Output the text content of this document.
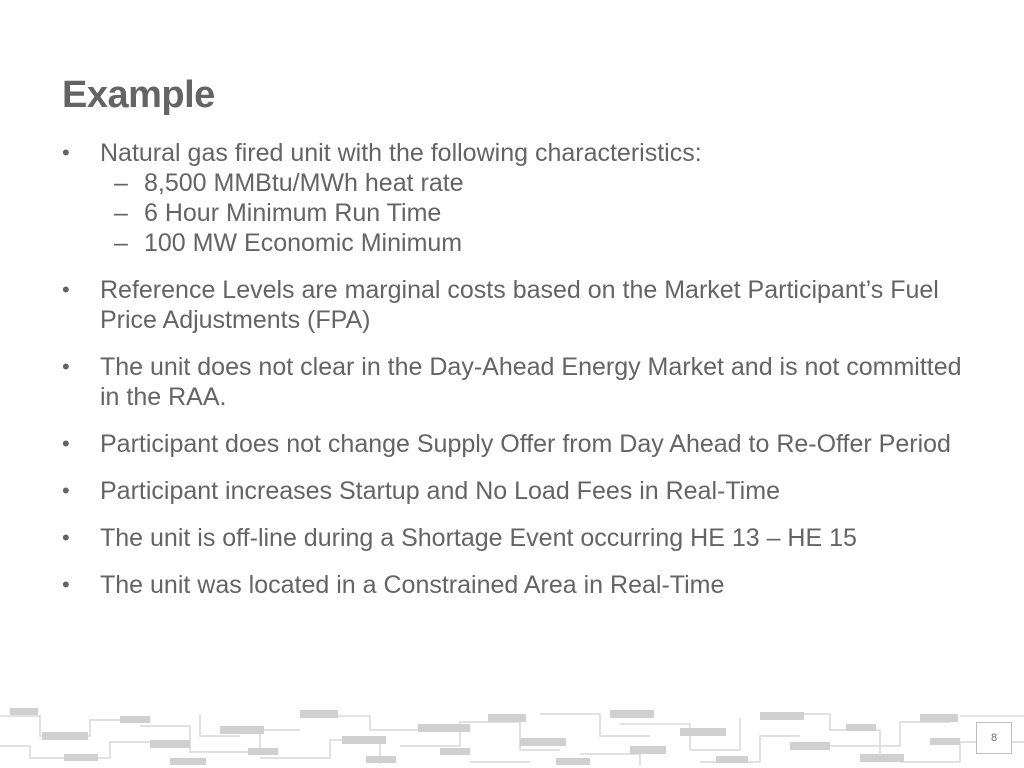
Example
•	Natural gas fired unit with the following characteristics:
– 8,500 MMBtu/MWh heat rate
– 6 Hour Minimum Run Time
– 100 MW Economic Minimum
•	Reference Levels are marginal costs based on the Market Participant’s Fuel Price Adjustments (FPA)
•	The unit does not clear in the Day-Ahead Energy Market and is not committed in the RAA.
•	Participant does not change Supply Offer from Day Ahead to Re-Offer Period
•	Participant increases Startup and No Load Fees in Real-Time
•	The unit is off-line during a Shortage Event occurring HE 13 – HE 15
•	The unit was located in a Constrained Area in Real-Time
8
